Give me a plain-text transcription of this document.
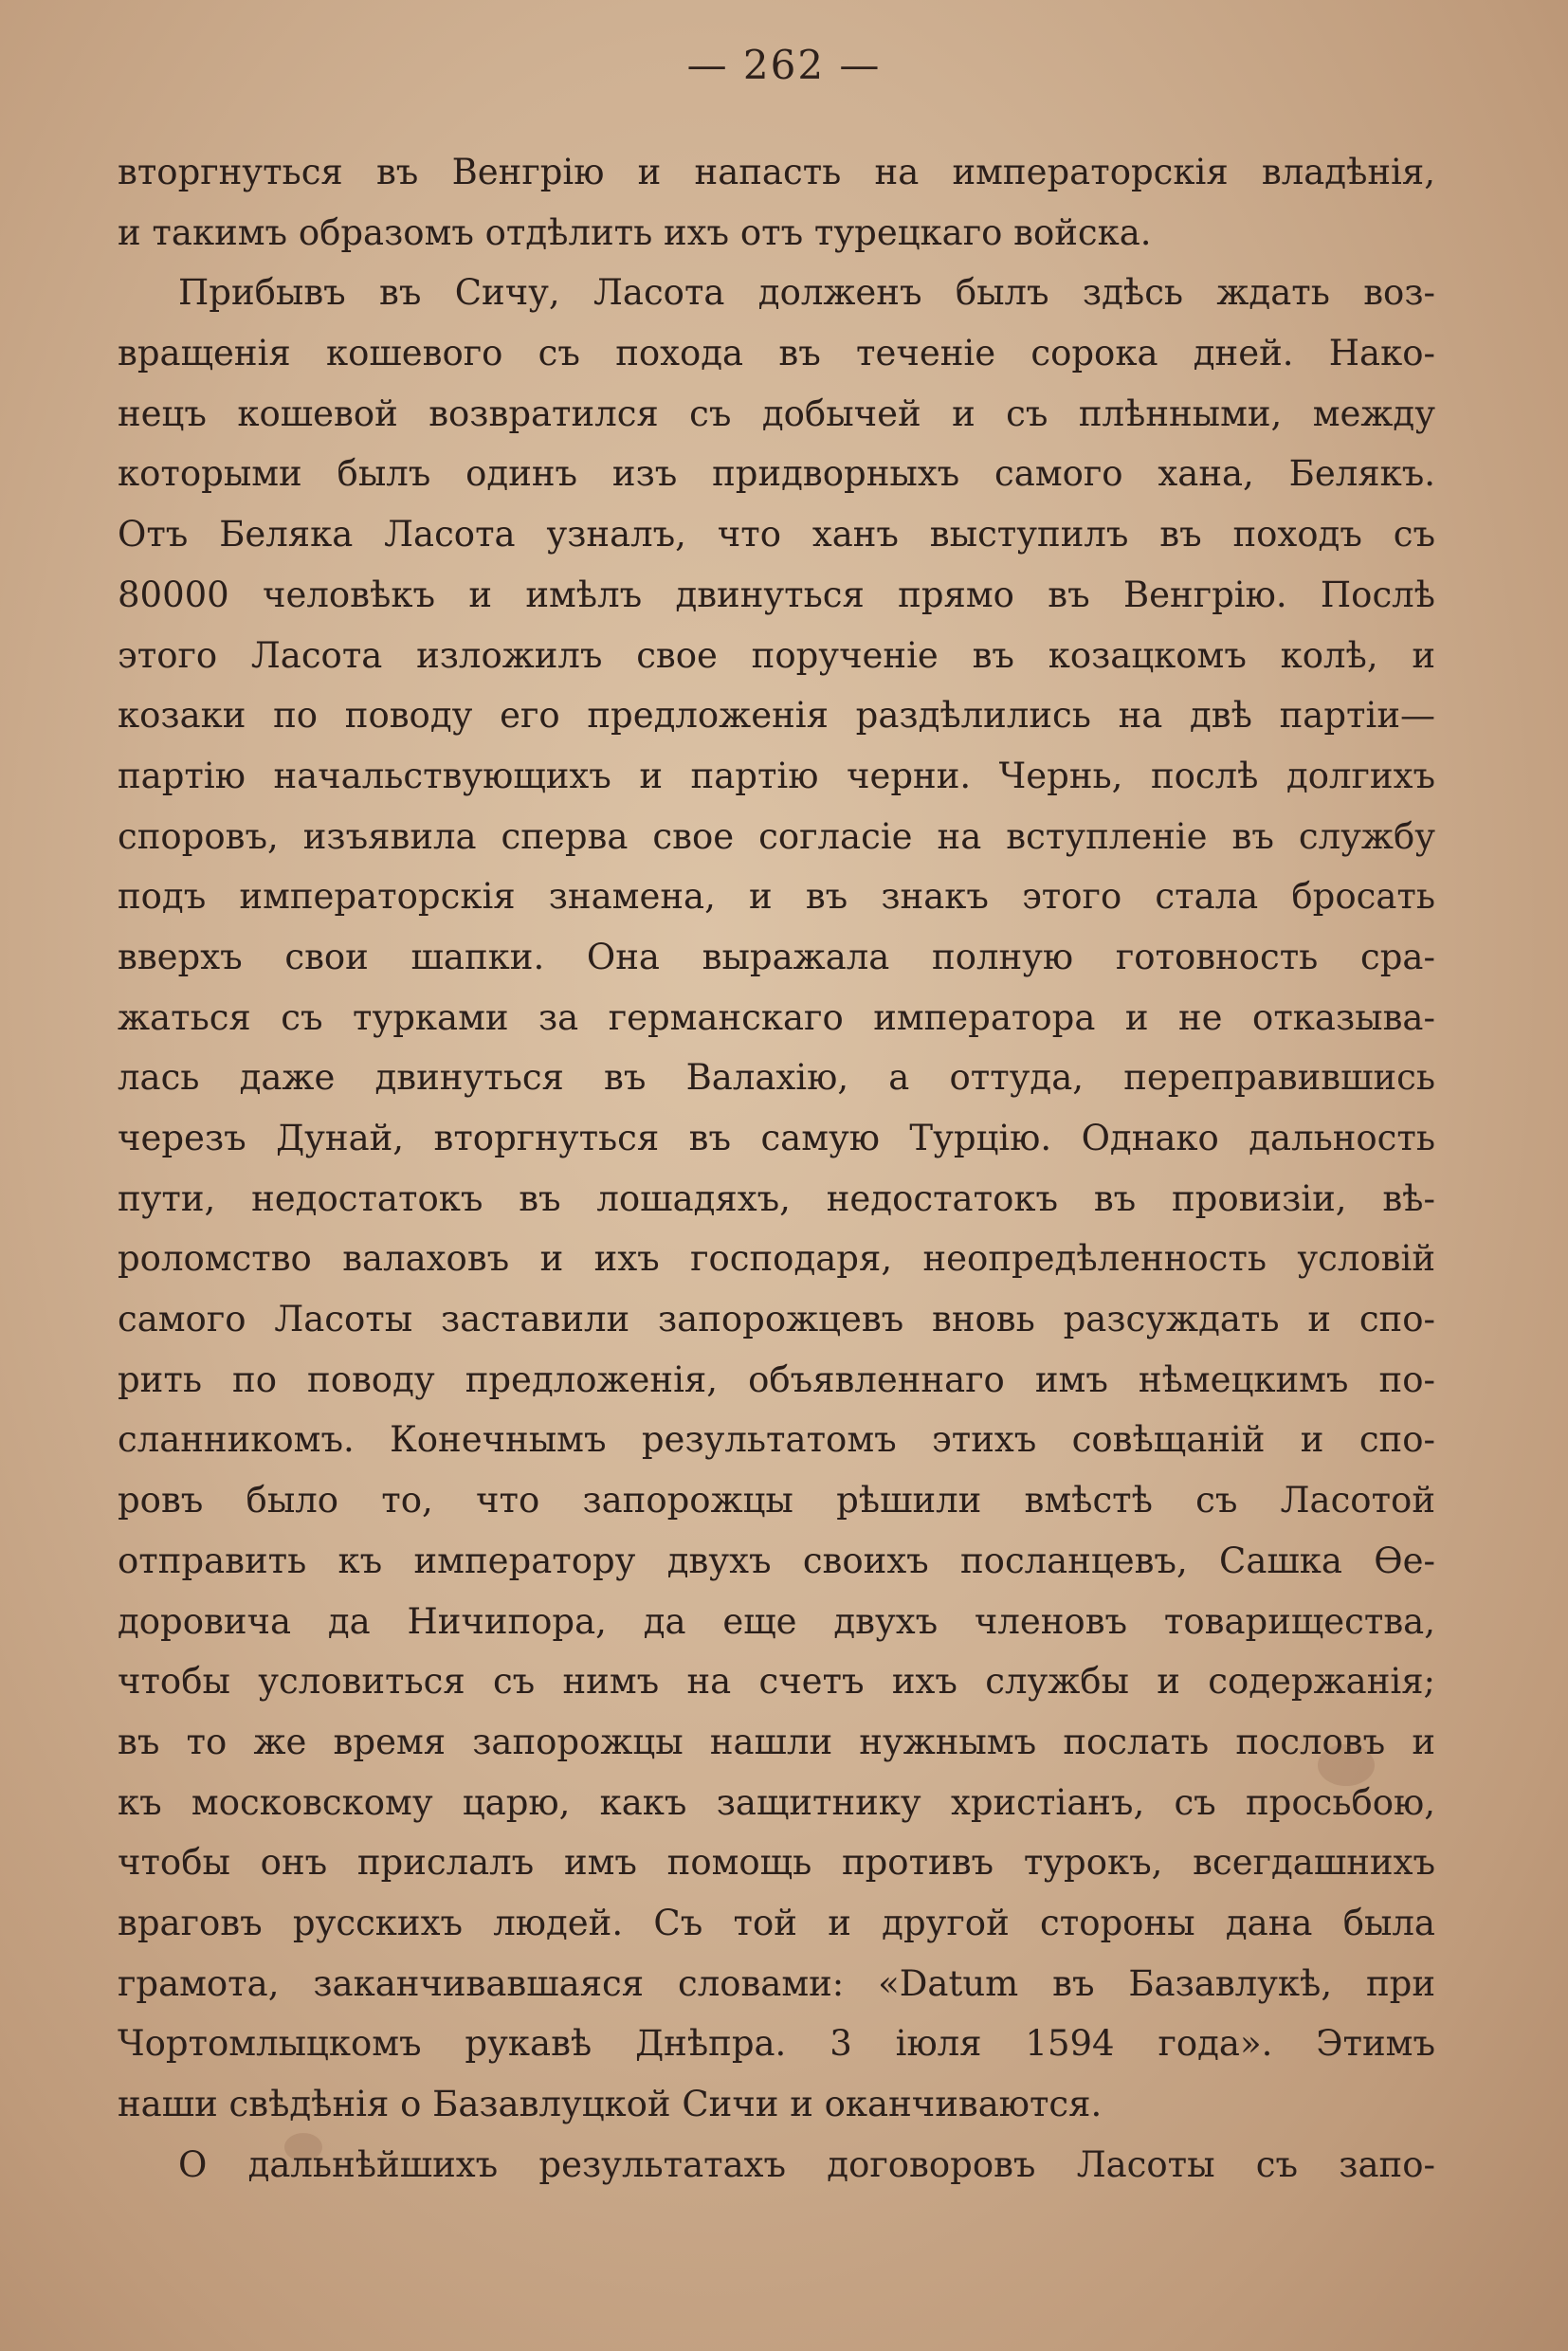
— 262 —
вторгнуться въ Венгрію и напасть на императорскія владѣнія,
и такимъ образомъ отдѣлить ихъ отъ турецкаго войска.
Прибывъ въ Сичу, Ласота долженъ былъ здѣсь ждать воз-
вращенія кошевого съ похода въ теченіе сорока дней. Нако-
нецъ кошевой возвратился съ добычей и съ плѣнными, между
которыми былъ одинъ изъ придворныхъ самого хана, Белякъ.
Отъ Беляка Ласота узналъ, что ханъ выступилъ въ походъ съ
80000 человѣкъ и имѣлъ двинуться прямо въ Венгрію. Послѣ
этого Ласота изложилъ свое порученіе въ козацкомъ колѣ, и
козаки по поводу его предложенія раздѣлились на двѣ партіи—
партію начальствующихъ и партію черни. Чернь, послѣ долгихъ
споровъ, изъявила сперва свое согласіе на вступленіе въ службу
подъ императорскія знамена, и въ знакъ этого стала бросать
вверхъ свои шапки. Она выражала полную готовность сра-
жаться съ турками за германскаго императора и не отказыва-
лась даже двинуться въ Валахію, а оттуда, переправившись
черезъ Дунай, вторгнуться въ самую Турцію. Однако дальность
пути, недостатокъ въ лошадяхъ, недостатокъ въ провизіи, вѣ-
роломство валаховъ и ихъ господаря, неопредѣленность условій
самого Ласоты заставили запорожцевъ вновь разсуждать и спо-
рить по поводу предложенія, объявленнаго имъ нѣмецкимъ по-
сланникомъ. Конечнымъ результатомъ этихъ совѣщаній и спо-
ровъ было то, что запорожцы рѣшили вмѣстѣ съ Ласотой
отправить къ императору двухъ своихъ посланцевъ, Сашка Ѳе-
доровича да Ничипора, да еще двухъ членовъ товарищества,
чтобы условиться съ нимъ на счетъ ихъ службы и содержанія;
въ то же время запорожцы нашли нужнымъ послать пословъ и
къ московскому царю, какъ защитнику христіанъ, съ просьбою,
чтобы онъ прислалъ имъ помощь противъ турокъ, всегдашнихъ
враговъ русскихъ людей. Съ той и другой стороны дана была
грамота, заканчивавшаяся словами: «Datum въ Базавлукѣ, при
Чортомлыцкомъ рукавѣ Днѣпра. 3 іюля 1594 года». Этимъ
наши свѣдѣнія о Базавлуцкой Сичи и оканчиваются.
О дальнѣйшихъ результатахъ договоровъ Ласоты съ запо-
